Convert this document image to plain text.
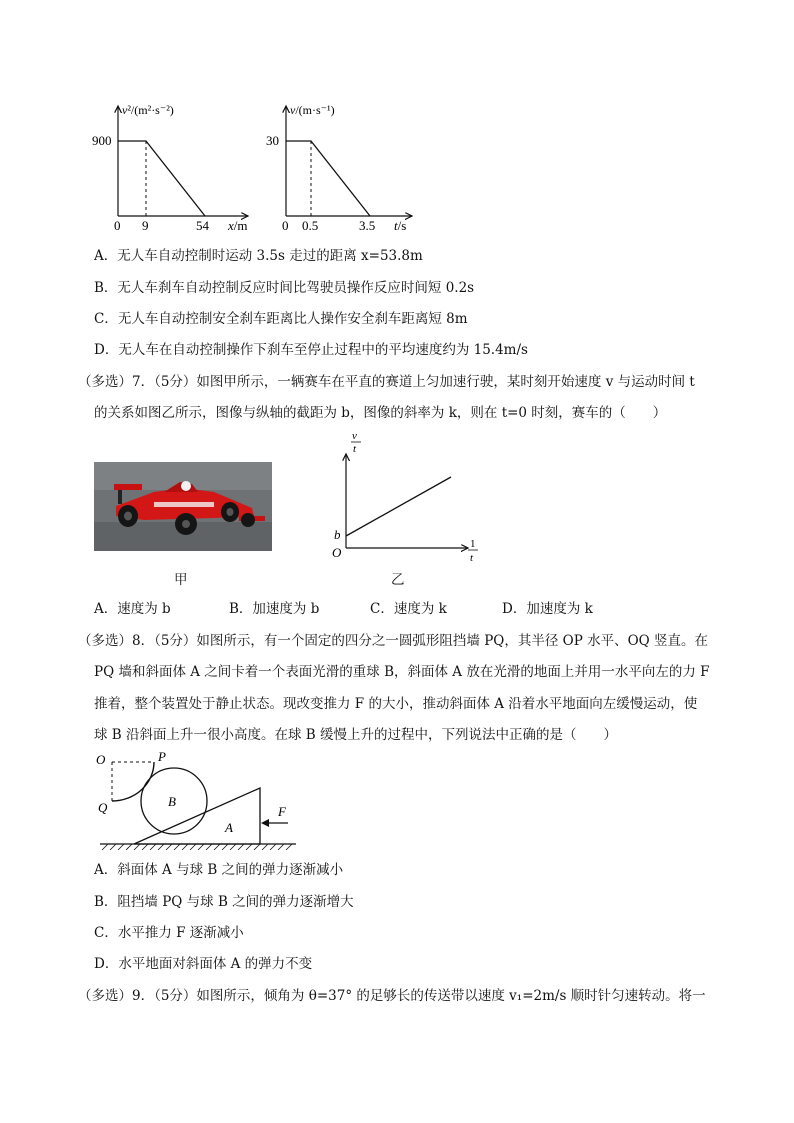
v²/(m²·s⁻²)
900
0 9	54 x/m
v/(m·s⁻¹)
30
0 0.5	3.5 t/s
A．无人车自动控制时运动 3.5s 走过的距离 x=53.8m
B．无人车刹车自动控制反应时间比驾驶员操作反应时间短 0.2s
C．无人车自动控制安全刹车距离比人操作安全刹车距离短 8m
D．无人车在自动控制操作下刹车至停止过程中的平均速度约为 15.4m/s
（多选）7．（5分）如图甲所示，一辆赛车在平直的赛道上匀加速行驶，某时刻开始速度 v 与运动时间 t
的关系如图乙所示，图像与纵轴的截距为 b，图像的斜率为 k，则在 t=0 时刻，赛车的（　　）
甲
v
t
b
O
1
t
乙
A．速度为 b	B．加速度为 b	C．速度为 k	D．加速度为 k
（多选）8．（5分）如图所示，有一个固定的四分之一圆弧形阻挡墙 PQ，其半径 OP 水平、OQ 竖直。在
PQ 墙和斜面体 A 之间卡着一个表面光滑的重球 B，斜面体 A 放在光滑的地面上并用一水平向左的力 F
推着，整个装置处于静止状态。现改变推力 F 的大小，推动斜面体 A 沿着水平地面向左缓慢运动，使
球 B 沿斜面上升一很小高度。在球 B 缓慢上升的过程中，下列说法中正确的是（　　）
O	P
Q	B
A
F
A．斜面体 A 与球 B 之间的弹力逐渐减小
B．阻挡墙 PQ 与球 B 之间的弹力逐渐增大
C．水平推力 F 逐渐减小
D．水平地面对斜面体 A 的弹力不变
（多选）9．（5分）如图所示，倾角为 θ=37° 的足够长的传送带以速度 v₁=2m/s 顺时针匀速转动。将一
